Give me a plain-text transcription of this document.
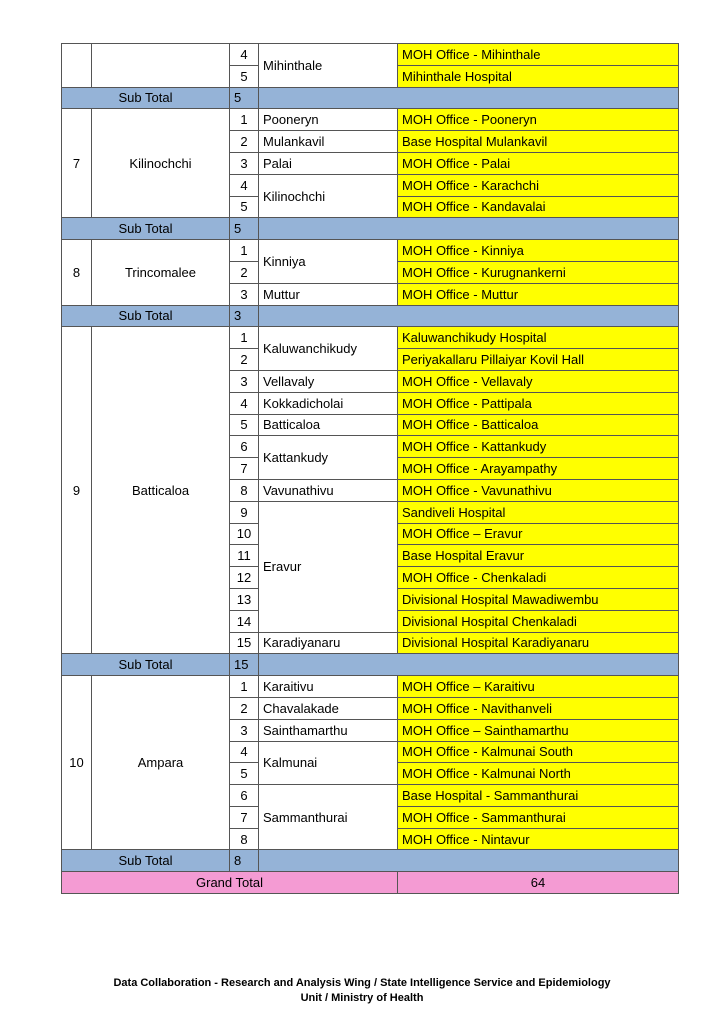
		4	Mihinthale	MOH Office - Mihinthale
		5		Mihinthale Hospital
Sub Total		5		
7	Kilinochchi	1	Pooneryn	MOH Office - Pooneryn
		2	Mulankavil	Base Hospital Mulankavil
		3	Palai	MOH Office - Palai
		4	Kilinochchi	MOH Office - Karachchi
		5		MOH Office - Kandavalai
Sub Total		5		
8	Trincomalee	1	Kinniya	MOH Office - Kinniya
		2		MOH Office - Kurugnankerni
		3	Muttur	MOH Office - Muttur
Sub Total		3		
9	Batticaloa	1	Kaluwanchikudy	Kaluwanchikudy Hospital
		2		Periyakallaru Pillaiyar Kovil Hall
		3	Vellavaly	MOH Office - Vellavaly
		4	Kokkadicholai	MOH Office - Pattipala
		5	Batticaloa	MOH Office - Batticaloa
		6	Kattankudy	MOH Office - Kattankudy
		7		MOH Office - Arayampathy
		8	Vavunathivu	MOH Office - Vavunathivu
		9	Eravur	Sandiveli Hospital
		10		MOH Office – Eravur
		11		Base Hospital Eravur
		12		MOH Office - Chenkaladi
		13		Divisional Hospital Mawadiwembu
		14		Divisional Hospital Chenkaladi
		15	Karadiyanaru	Divisional Hospital Karadiyanaru
Sub Total		15		
10	Ampara	1	Karaitivu	MOH Office – Karaitivu
		2	Chavalakade	MOH Office - Navithanveli
		3	Sainthamarthu	MOH Office – Sainthamarthu
		4	Kalmunai	MOH Office - Kalmunai South
		5		MOH Office - Kalmunai North
		6	Sammanthurai	Base Hospital - Sammanthurai
		7		MOH Office - Sammanthurai
		8		MOH Office - Nintavur
Sub Total		8		
Grand Total				64
Data Collaboration - Research and Analysis Wing / State Intelligence Service and Epidemiology
Unit / Ministry of Health
